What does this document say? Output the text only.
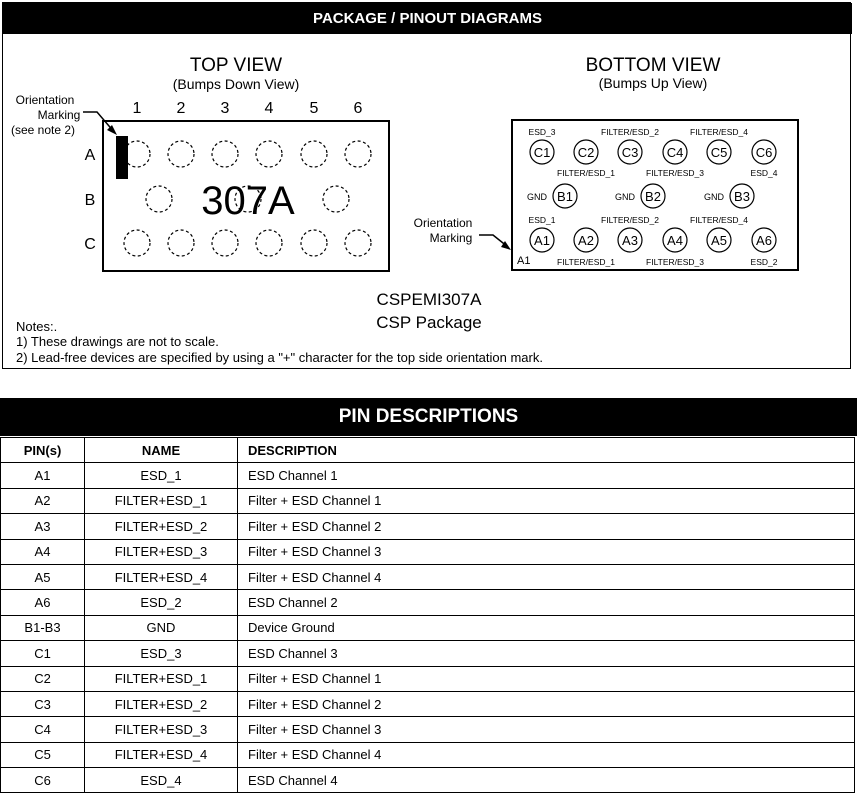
PACKAGE / PINOUT DIAGRAMS
TOP VIEW
(Bumps Down View)
1 2 3 4 5 6
A
B
C
307A
Orientation
Marking
(see note 2)
BOTTOM VIEW
(Bumps Up View)
C1 C2 C3 C4 C5 C6
B1
GND	B2
GND	B3
GND
A1 A2 A3 A4 A5 A6
ESD_3	FILTER/ESD_2	FILTER/ESD_4
FILTER/ESD_1	FILTER/ESD_3	ESD_4
ESD_1	FILTER/ESD_2	FILTER/ESD_4
FILTER/ESD_1	FILTER/ESD_3	ESD_2
Orientation
Marking
A1
CSPEMI307A
CSP Package
Notes:.
1) These drawings are not to scale.
2) Lead-free devices are specified by using a "+" character for the top side orientation mark.
PIN DESCRIPTIONS
PIN(s)	NAME	DESCRIPTION
A1	ESD_1	ESD Channel 1
A2	FILTER+ESD_1	Filter + ESD Channel 1
A3	FILTER+ESD_2	Filter + ESD Channel 2
A4	FILTER+ESD_3	Filter + ESD Channel 3
A5	FILTER+ESD_4	Filter + ESD Channel 4
A6	ESD_2	ESD Channel 2
B1-B3	GND	Device Ground
C1	ESD_3	ESD Channel 3
C2	FILTER+ESD_1	Filter + ESD Channel 1
C3	FILTER+ESD_2	Filter + ESD Channel 2
C4	FILTER+ESD_3	Filter + ESD Channel 3
C5	FILTER+ESD_4	Filter + ESD Channel 4
C6	ESD_4	ESD Channel 4
